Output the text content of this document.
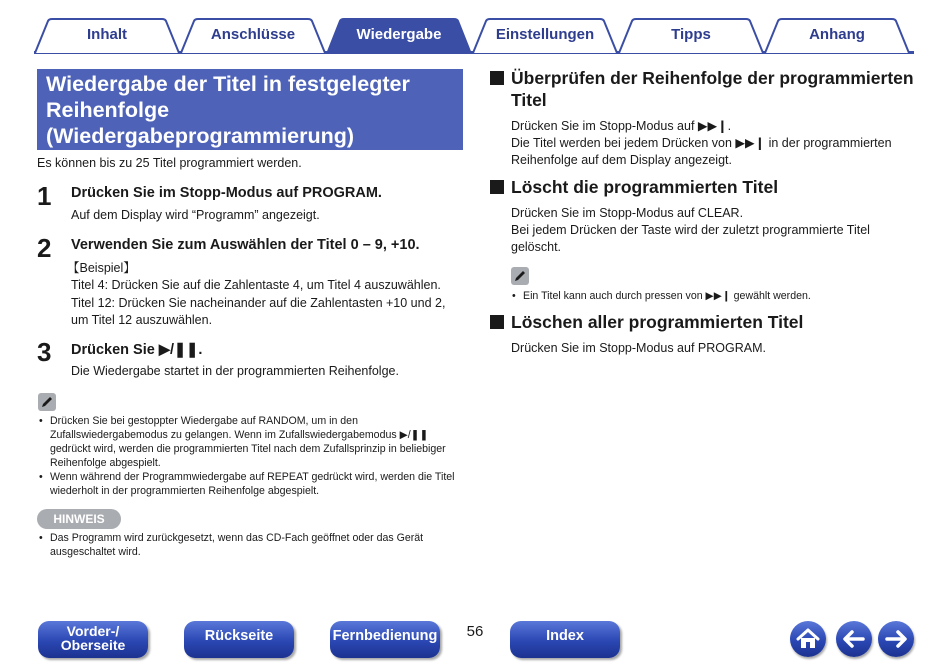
Inhalt	Anschlüsse	Wiedergabe	Einstellungen	Tipps	Anhang
Wiedergabe der Titel in festgelegter Reihenfolge (Wiedergabeprogrammierung)
Es können bis zu 25 Titel programmiert werden.
1 Drücken Sie im Stopp-Modus auf PROGRAM.
Auf dem Display wird “Programm” angezeigt.
2 Verwenden Sie zum Auswählen der Titel 0 – 9, +10.
【Beispiel】
Titel 4: Drücken Sie auf die Zahlentaste 4, um Titel 4 auszuwählen.
Titel 12: Drücken Sie nacheinander auf die Zahlentasten +10 und 2, um Titel 12 auszuwählen.
3 Drücken Sie ▶/❚❚.
Die Wiedergabe startet in der programmierten Reihenfolge.
• Drücken Sie bei gestoppter Wiedergabe auf RANDOM, um in den Zufallswiedergabemodus zu gelangen. Wenn im Zufallswiedergabemodus ▶/❚❚ gedrückt wird, werden die programmierten Titel nach dem Zufallsprinzip in beliebiger Reihenfolge abgespielt.
• Wenn während der Programmwiedergabe auf REPEAT gedrückt wird, werden die Titel wiederholt in der programmierten Reihenfolge abgespielt.
HINWEIS
• Das Programm wird zurückgesetzt, wenn das CD-Fach geöffnet oder das Gerät ausgeschaltet wird.
Überprüfen der Reihenfolge der programmierten Titel
Drücken Sie im Stopp-Modus auf ▶▶❙.
Die Titel werden bei jedem Drücken von ▶▶❙ in der programmierten Reihenfolge auf dem Display angezeigt.
Löscht die programmierten Titel
Drücken Sie im Stopp-Modus auf CLEAR.
Bei jedem Drücken der Taste wird der zuletzt programmierte Titel gelöscht.
• Ein Titel kann auch durch pressen von ▶▶❙ gewählt werden.
Löschen aller programmierten Titel
Drücken Sie im Stopp-Modus auf PROGRAM.
Vorder-/
Oberseite
Rückseite	Fernbedienung 56	Index
